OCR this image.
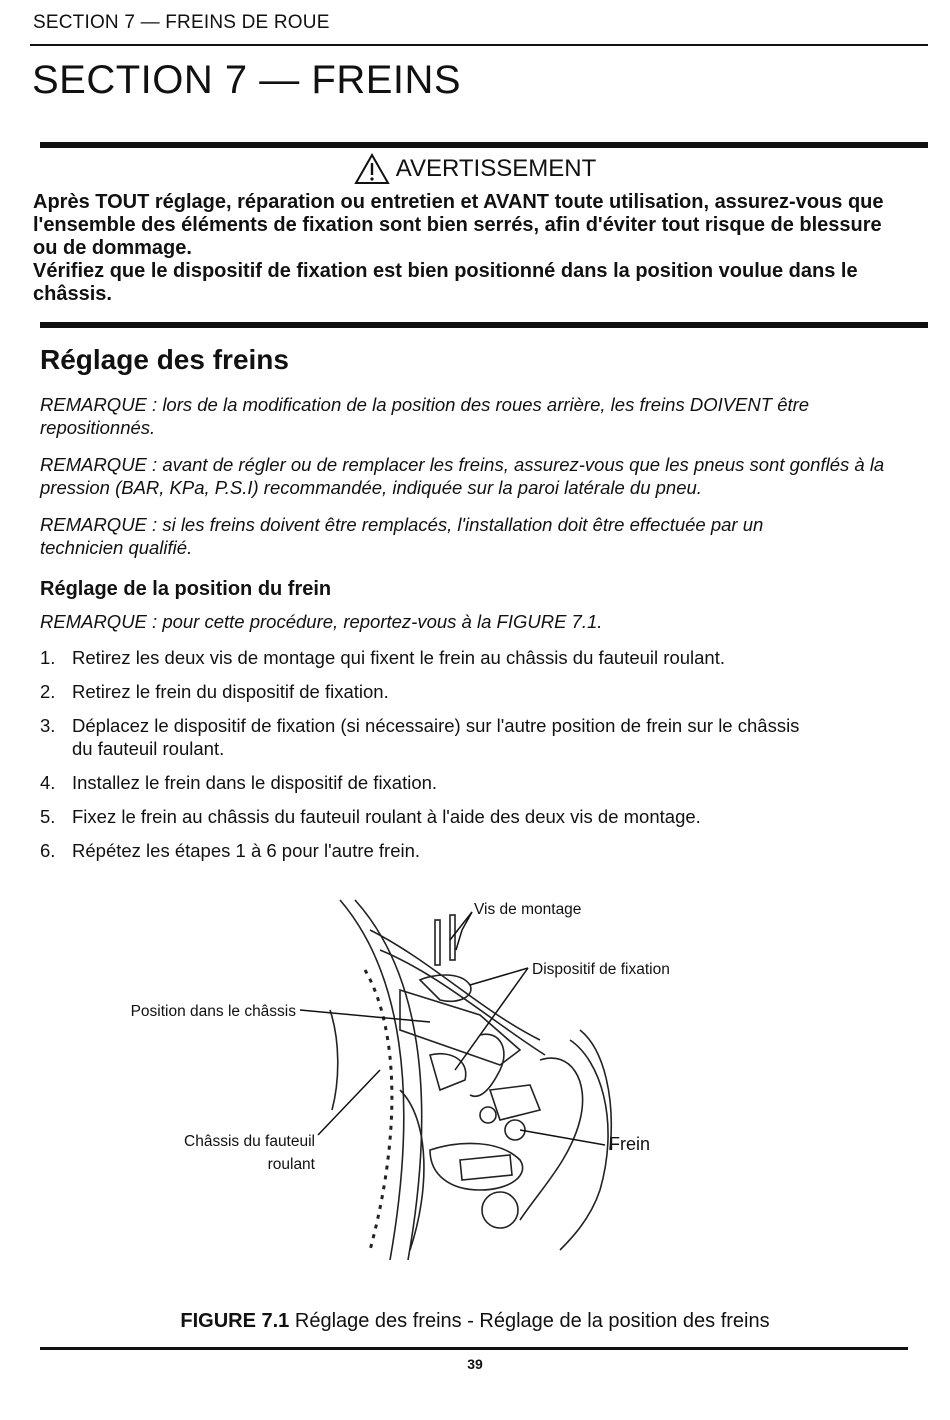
SECTION 7 — FREINS DE ROUE
SECTION 7 — FREINS
AVERTISSEMENT

Après TOUT réglage, réparation ou entretien et AVANT toute utilisation, assurez-vous que l'ensemble des éléments de fixation sont bien serrés, afin d'éviter tout risque de blessure ou de dommage.

Vérifiez que le dispositif de fixation est bien positionné dans la position voulue dans le châssis.

Réglage des freins
REMARQUE : lors de la modification de la position des roues arrière, les freins DOIVENT être repositionnés.
REMARQUE : avant de régler ou de remplacer les freins, assurez-vous que les pneus sont gonflés à la pression (BAR, KPa, P.S.I) recommandée, indiquée sur la paroi latérale du pneu.
REMARQUE : si les freins doivent être remplacés, l'installation doit être effectuée par un technicien qualifié.
Réglage de la position du frein
REMARQUE : pour cette procédure, reportez-vous à la FIGURE 7.1.
1. Retirez les deux vis de montage qui fixent le frein au châssis du fauteuil roulant.
2. Retirez le frein du dispositif de fixation.
3. Déplacez le dispositif de fixation (si nécessaire) sur l'autre position de frein sur le châssis du fauteuil roulant.
4. Installez le frein dans le dispositif de fixation.
5. Fixez le frein au châssis du fauteuil roulant à l'aide des deux vis de montage.
6. Répétez les étapes 1 à 6 pour l'autre frein.
Vis de montage
Dispositif de fixation
Position dans le châssis
Châssis du fauteuil
roulant
Frein
FIGURE 7.1 Réglage des freins - Réglage de la position des freins
39
